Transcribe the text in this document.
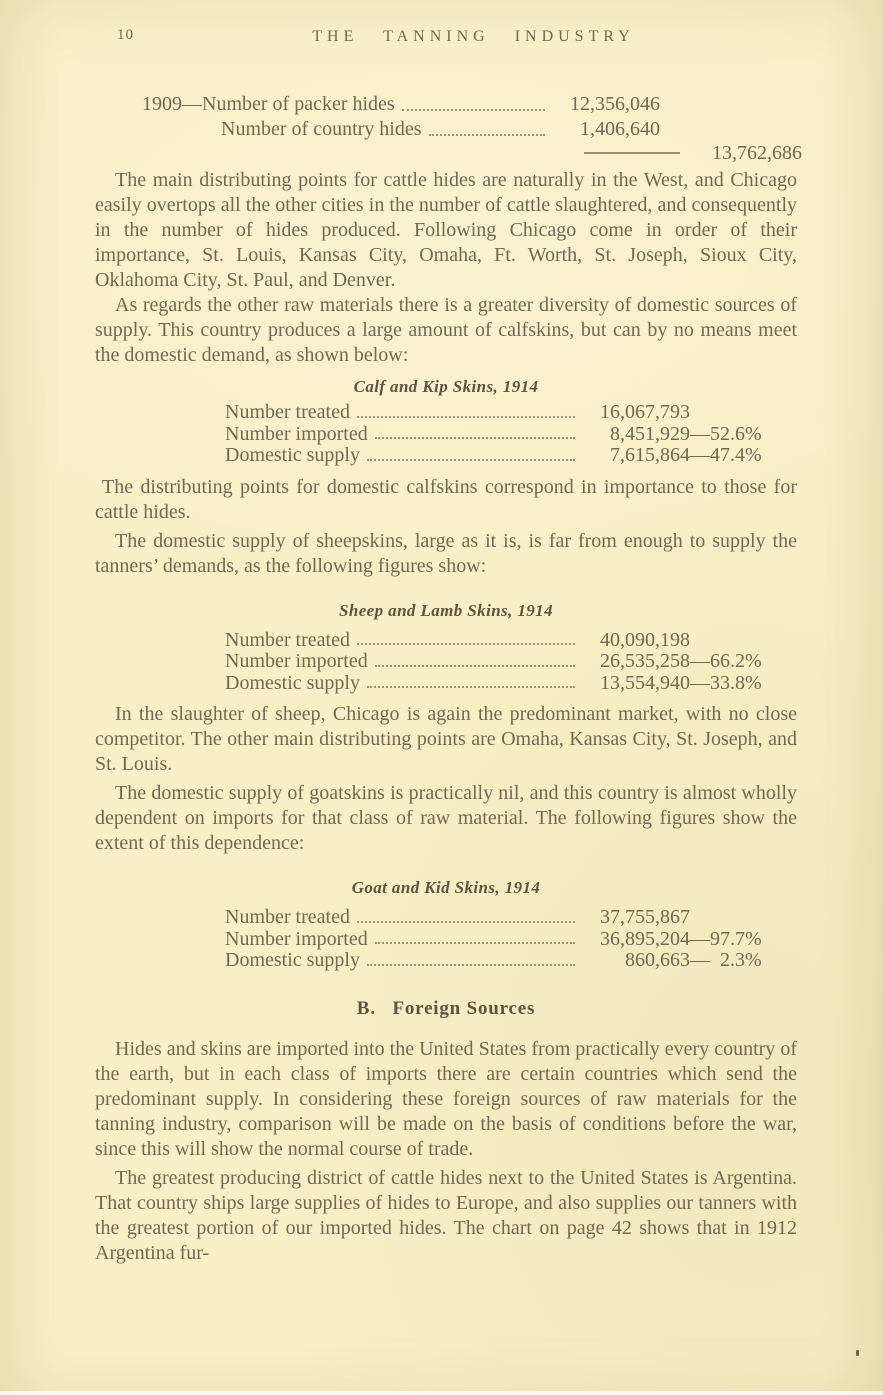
10	THE TANNING INDUSTRY
1909—Number of packer hides	12,356,046
Number of country hides	1,406,640
13,762,686

The main distributing points for cattle hides are naturally in the West, and Chicago easily overtops all the other cities in the number of cattle slaughtered, and consequently in the number of hides produced. Following Chicago come in order of their importance, St. Louis, Kansas City, Omaha, Ft. Worth, St. Joseph, Sioux City, Oklahoma City, St. Paul, and Denver.

As regards the other raw materials there is a greater diversity of domestic sources of supply. This country produces a large amount of calfskins, but can by no means meet the domestic demand, as shown below:

Calf and Kip Skins, 1914
Number treated	16,067,793
Number imported	8,451,929 —52.6%
Domestic supply	7,615,864 —47.4%

The distributing points for domestic calfskins correspond in importance to those for cattle hides.

The domestic supply of sheepskins, large as it is, is far from enough to supply the tanners’ demands, as the following figures show:

Sheep and Lamb Skins, 1914
Number treated	40,090,198
Number imported	26,535,258 —66.2%
Domestic supply	13,554,940 —33.8%

In the slaughter of sheep, Chicago is again the predominant market, with no close competitor. The other main distributing points are Omaha, Kansas City, St. Joseph, and St. Louis.

The domestic supply of goatskins is practically nil, and this country is almost wholly dependent on imports for that class of raw material. The following figures show the extent of this dependence:

Goat and Kid Skins, 1914
Number treated	37,755,867
Number imported	36,895,204 —97.7%
Domestic supply	860,663 —  2.3%
B.   Foreign Sources

Hides and skins are imported into the United States from practically every country of the earth, but in each class of imports there are certain countries which send the predominant supply. In considering these foreign sources of raw materials for the tanning industry, comparison will be made on the basis of conditions before the war, since this will show the normal course of trade.

The greatest producing district of cattle hides next to the United States is Argentina. That country ships large supplies of hides to Europe, and also supplies our tanners with the greatest portion of our imported hides. The chart on page 42 shows that in 1912 Argentina fur-
